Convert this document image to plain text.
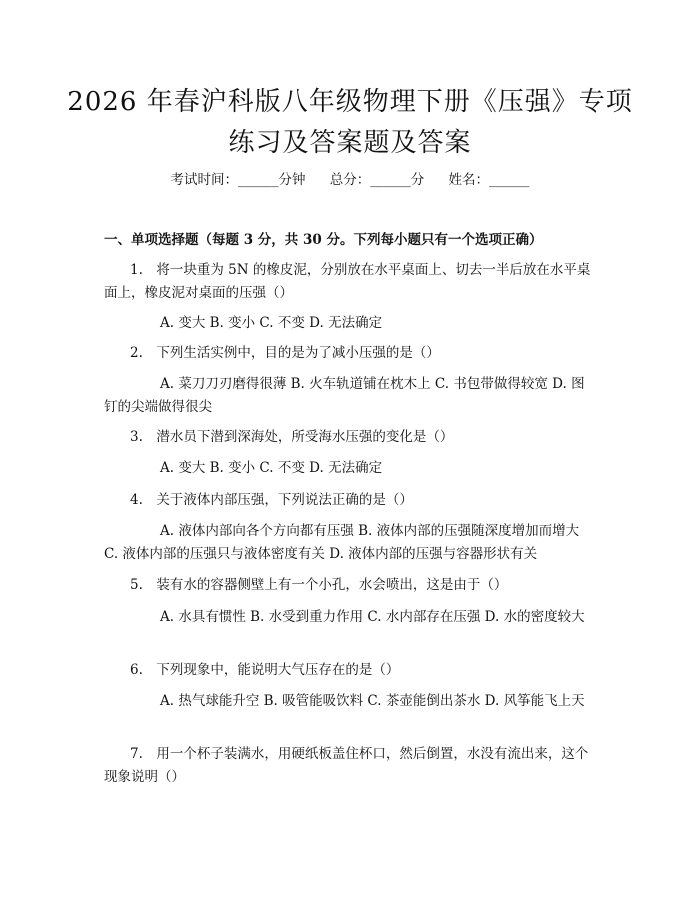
2026 年春沪科版八年级物理下册《压强》专项练习及答案题及答案
考试时间：______分钟 总分：______分 姓名：______
一、单项选择题（每题 3 分，共 30 分。下列每小题只有一个选项正确）
1.　将一块重为 5N 的橡皮泥，分别放在水平桌面上、切去一半后放在水平桌面上，橡皮泥对桌面的压强（）
A. 变大 B. 变小 C. 不变 D. 无法确定
2.　下列生活实例中，目的是为了减小压强的是（）
A. 菜刀刀刃磨得很薄 B. 火车轨道铺在枕木上 C. 书包带做得较宽 D. 图钉的尖端做得很尖
3.　潜水员下潜到深海处，所受海水压强的变化是（）
A. 变大 B. 变小 C. 不变 D. 无法确定
4.　关于液体内部压强，下列说法正确的是（）
A. 液体内部向各个方向都有压强 B. 液体内部的压强随深度增加而增大 C. 液体内部的压强只与液体密度有关 D. 液体内部的压强与容器形状有关
5.　装有水的容器侧壁上有一个小孔，水会喷出，这是由于（）
A. 水具有惯性 B. 水受到重力作用 C. 水内部存在压强 D. 水的密度较大
6.　下列现象中，能说明大气压存在的是（）
A. 热气球能升空 B. 吸管能吸饮料 C. 茶壶能倒出茶水 D. 风筝能飞上天
7.　用一个杯子装满水，用硬纸板盖住杯口，然后倒置，水没有流出来，这个现象说明（）
